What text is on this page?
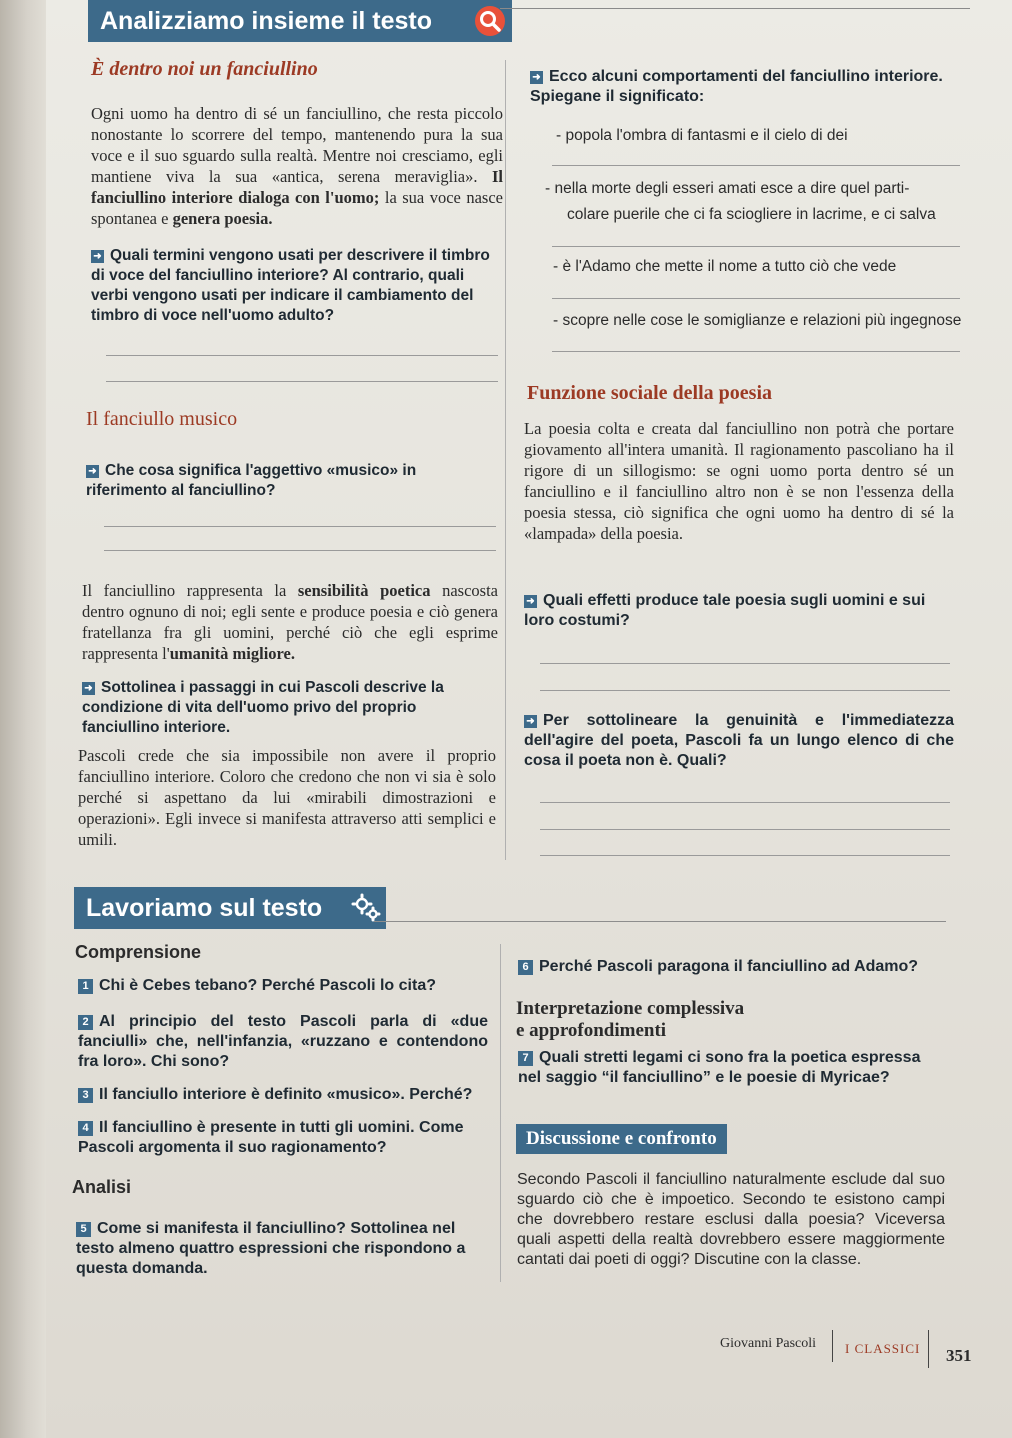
Analizziamo insieme il testo
È dentro noi un fanciullino
Ogni uomo ha dentro di sé un fanciullino, che resta piccolo nonostante lo scorrere del tempo, mantenendo pura la sua voce e il suo sguardo sulla realtà. Mentre noi cresciamo, egli mantiene viva la sua «antica, serena meraviglia». Il fanciullino interiore dialoga con l'uomo; la sua voce nasce spontanea e genera poesia.
➜ Quali termini vengono usati per descrivere il timbro di voce del fanciullino interiore? Al contrario, quali verbi vengono usati per indicare il cambiamento del timbro di voce nell'uomo adulto?
Il fanciullo musico
➜ Che cosa significa l'aggettivo «musico» in riferimento al fanciullino?
Il fanciullino rappresenta la sensibilità poetica nascosta dentro ognuno di noi; egli sente e produce poesia e ciò genera fratellanza fra gli uomini, perché ciò che egli esprime rappresenta l'umanità migliore.
➜ Sottolinea i passaggi in cui Pascoli descrive la condizione di vita dell'uomo privo del proprio fanciullino interiore.
Pascoli crede che sia impossibile non avere il proprio fanciullino interiore. Coloro che credono che non vi sia è solo perché si aspettano da lui «mirabili dimostrazioni e operazioni». Egli invece si manifesta attraverso atti semplici e umili.
➜ Ecco alcuni comportamenti del fanciullino interiore. Spiegane il significato:
- popola l'ombra di fantasmi e il cielo di dei
- nella morte degli esseri amati esce a dire quel parti-
colare puerile che ci fa sciogliere in lacrime, e ci salva
- è l'Adamo che mette il nome a tutto ciò che vede
- scopre nelle cose le somiglianze e relazioni più ingegnose
Funzione sociale della poesia
La poesia colta e creata dal fanciullino non potrà che portare giovamento all'intera umanità. Il ragionamento pascoliano ha il rigore di un sillogismo: se ogni uomo porta dentro sé un fanciullino e il fanciullino altro non è se non l'essenza della poesia stessa, ciò significa che ogni uomo ha dentro di sé la «lampada» della poesia.
➜ Quali effetti produce tale poesia sugli uomini e sui loro costumi?
➜ Per sottolineare la genuinità e l'immediatezza dell'agire del poeta, Pascoli fa un lungo elenco di che cosa il poeta non è. Quali?
Lavoriamo sul testo
Comprensione
1 Chi è Cebes tebano? Perché Pascoli lo cita?
2 Al principio del testo Pascoli parla di «due fanciulli» che, nell'infanzia, «ruzzano e contendono fra loro». Chi sono?
3 Il fanciullo interiore è definito «musico». Perché?
4 Il fanciullino è presente in tutti gli uomini. Come Pascoli argomenta il suo ragionamento?
Analisi
5 Come si manifesta il fanciullino? Sottolinea nel testo almeno quattro espressioni che rispondono a questa domanda.
6 Perché Pascoli paragona il fanciullino ad Adamo?
Interpretazione complessiva
e approfondimenti
7 Quali stretti legami ci sono fra la poetica espressa nel saggio “il fanciullino” e le poesie di Myricae?
Discussione e confronto
Secondo Pascoli il fanciullino naturalmente esclude dal suo sguardo ciò che è impoetico. Secondo te esistono campi che dovrebbero restare esclusi dalla poesia? Viceversa quali aspetti della realtà dovrebbero essere maggiormente cantati dai poeti di oggi? Discutine con la classe.
Giovanni Pascoli I CLASSICI 351
